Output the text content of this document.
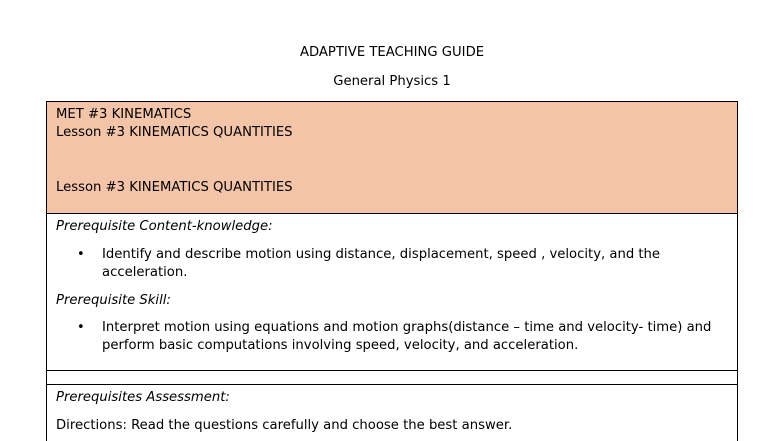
ADAPTIVE TEACHING GUIDE
General Physics 1
MET #3 KINEMATICS
Lesson #3 KINEMATICS QUANTITIES
Lesson #3 KINEMATICS QUANTITIES
Prerequisite Content-knowledge:
• Identify and describe motion using distance, displacement, speed , velocity, and the acceleration.
Prerequisite Skill:
• Interpret motion using equations and motion graphs(distance – time and velocity- time) and perform basic computations involving speed, velocity, and acceleration.
Prerequisites Assessment:
Directions: Read the questions carefully and choose the best answer.
